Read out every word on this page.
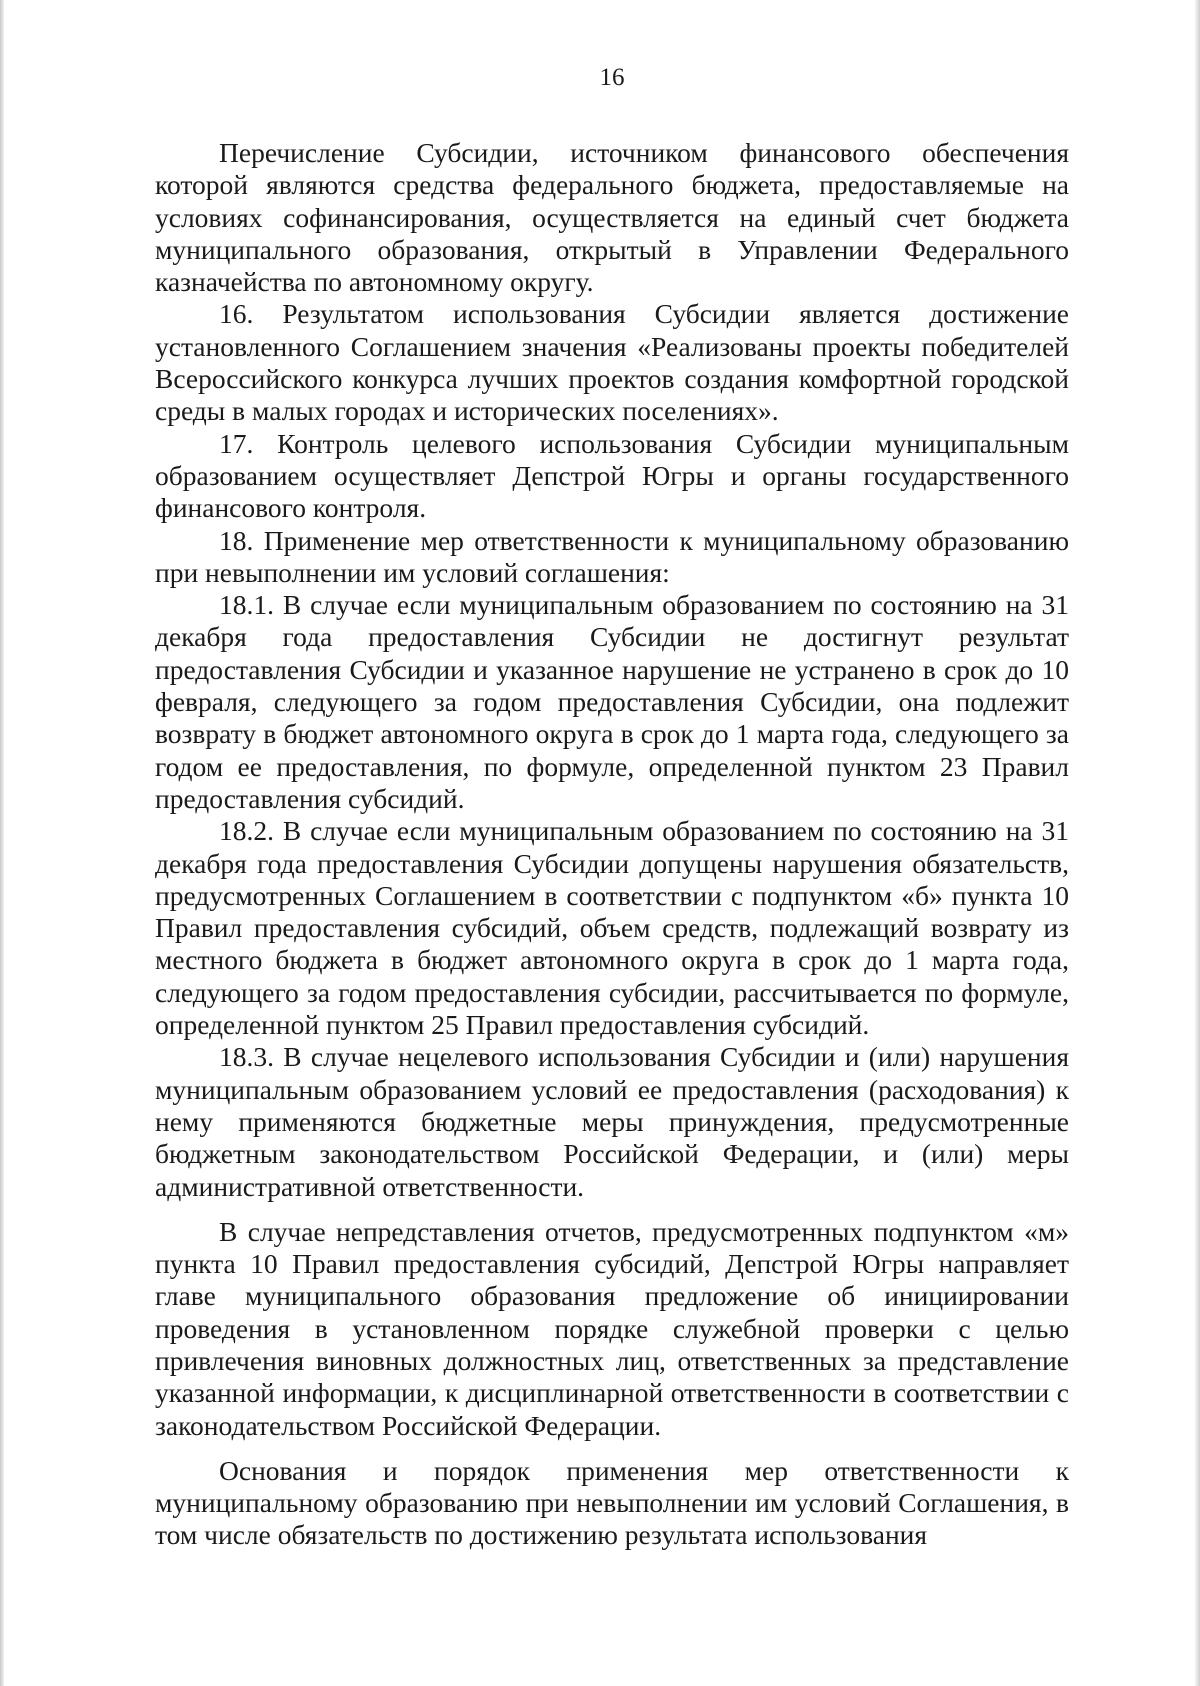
16

Перечисление Субсидии, источником финансового обеспечения которой являются средства федерального бюджета, предоставляемые на условиях софинансирования, осуществляется на единый счет бюджета муниципального образования, открытый в Управлении Федерального казначейства по автономному округу.

16. Результатом использования Субсидии является достижение установленного Соглашением значения «Реализованы проекты победителей Всероссийского конкурса лучших проектов создания комфортной городской среды в малых городах и исторических поселениях».

17. Контроль целевого использования Субсидии муниципальным образованием осуществляет Депстрой Югры и органы государственного финансового контроля.

18. Применение мер ответственности к муниципальному образованию при невыполнении им условий соглашения:

18.1. В случае если муниципальным образованием по состоянию на 31 декабря года предоставления Субсидии не достигнут результат предоставления Субсидии и указанное нарушение не устранено в срок до 10 февраля, следующего за годом предоставления Субсидии, она подлежит возврату в бюджет автономного округа в срок до 1 марта года, следующего за годом ее предоставления, по формуле, определенной пунктом 23 Правил предоставления субсидий.

18.2. В случае если муниципальным образованием по состоянию на 31 декабря года предоставления Субсидии допущены нарушения обязательств, предусмотренных Соглашением в соответствии с подпунктом «б» пункта 10 Правил предоставления субсидий, объем средств, подлежащий возврату из местного бюджета в бюджет автономного округа в срок до 1 марта года, следующего за годом предоставления субсидии, рассчитывается по формуле, определенной пунктом 25 Правил предоставления субсидий.

18.3. В случае нецелевого использования Субсидии и (или) нарушения муниципальным образованием условий ее предоставления (расходования) к нему применяются бюджетные меры принуждения, предусмотренные бюджетным законодательством Российской Федерации, и (или) меры административной ответственности.

В случае непредставления отчетов, предусмотренных подпунктом «м» пункта 10 Правил предоставления субсидий, Депстрой Югры направляет главе муниципального образования предложение об инициировании проведения в установленном порядке служебной проверки с целью привлечения виновных должностных лиц, ответственных за представление указанной информации, к дисциплинарной ответственности в соответствии с законодательством Российской Федерации.

Основания и порядок применения мер ответственности к муниципальному образованию при невыполнении им условий Соглашения, в том числе обязательств по достижению результата использования
